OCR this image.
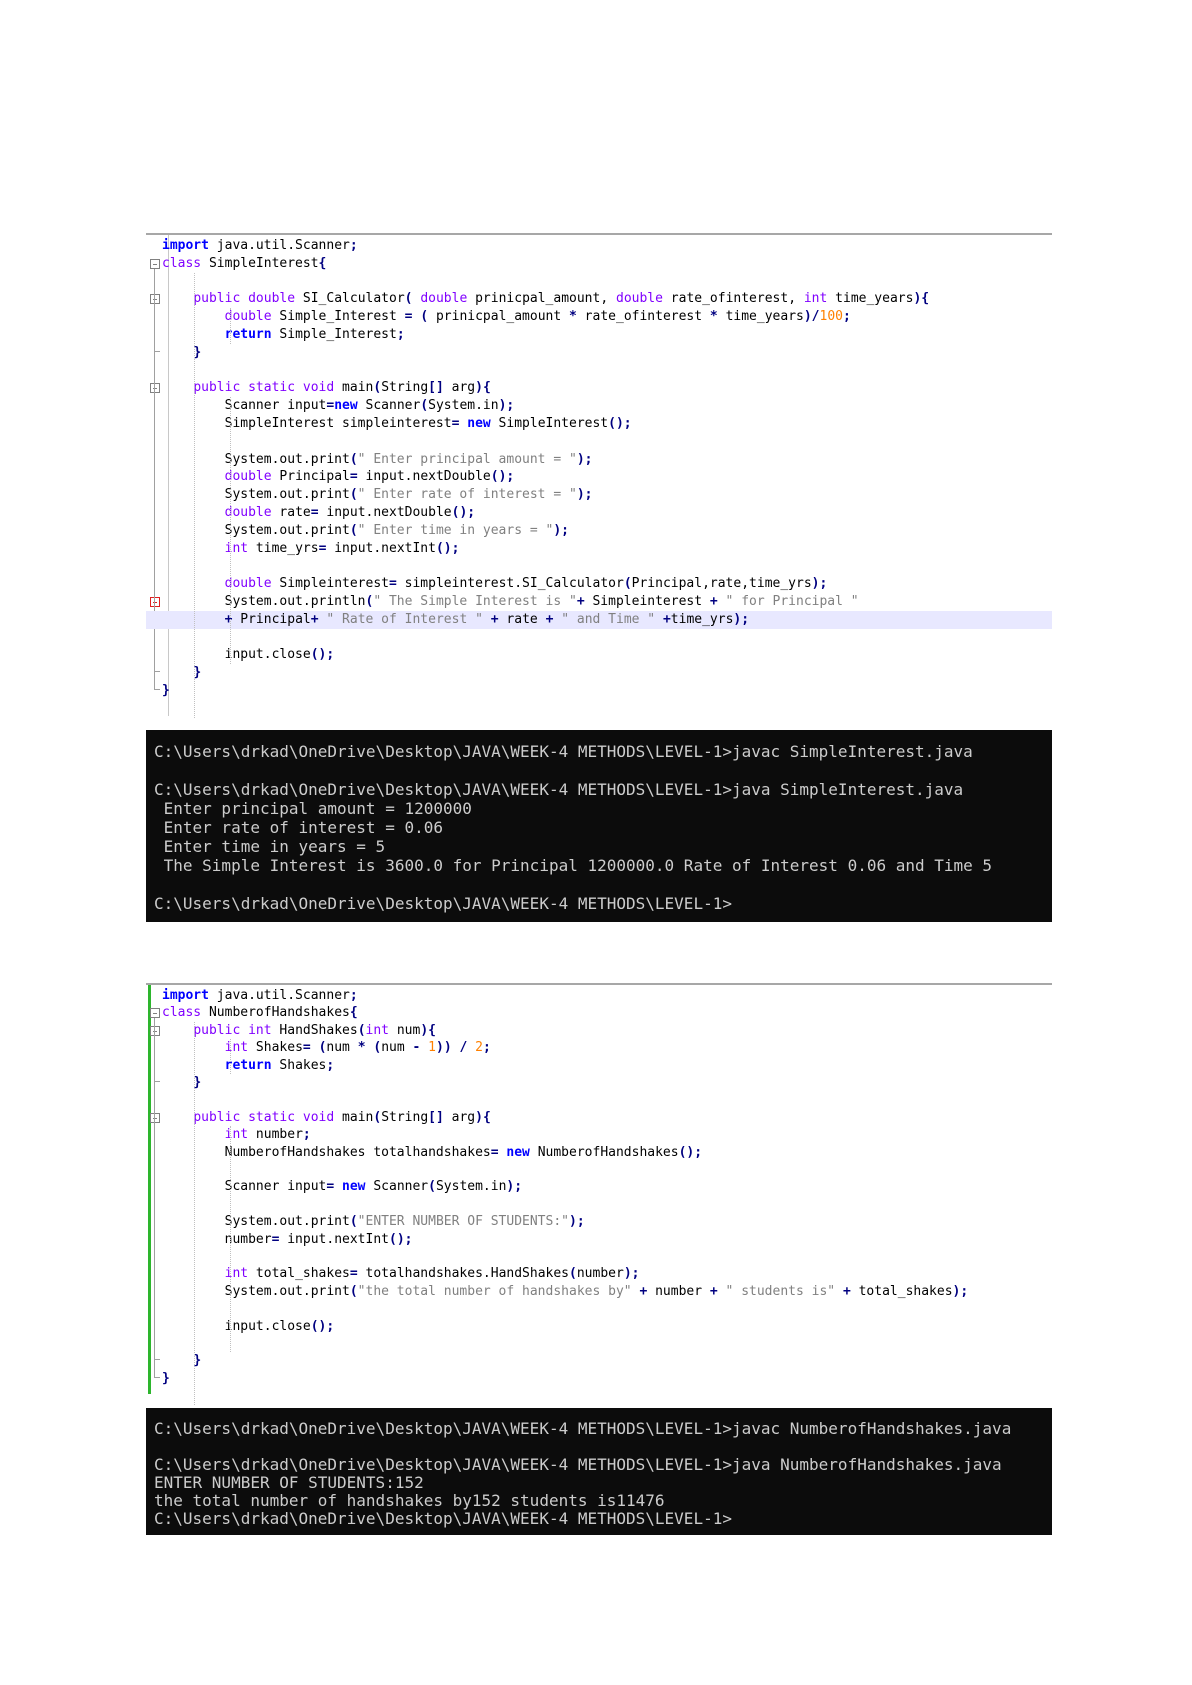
import java.util.Scanner;
class SimpleInterest{
public double SI_Calculator( double prinicpal_amount, double rate_ofinterest, int time_years){
double Simple_Interest = ( prinicpal_amount * rate_ofinterest * time_years)/100;
return Simple_Interest;
}
public static void main(String[] arg){
Scanner input=new Scanner(System.in);
SimpleInterest simpleinterest= new SimpleInterest();
System.out.print(" Enter principal amount = ");
double Principal= input.nextDouble();
System.out.print(" Enter rate of interest = ");
double rate= input.nextDouble();
System.out.print(" Enter time in years = ");
int time_yrs= input.nextInt();
double Simpleinterest= simpleinterest.SI_Calculator(Principal,rate,time_yrs);
System.out.println(" The Simple Interest is "+ Simpleinterest + " for Principal "
+ Principal+ " Rate of Interest " + rate + " and Time " +time_yrs);
input.close();
}
}
C:\Users\drkad\OneDrive\Desktop\JAVA\WEEK-4 METHODS\LEVEL-1>javac SimpleInterest.java
C:\Users\drkad\OneDrive\Desktop\JAVA\WEEK-4 METHODS\LEVEL-1>java SimpleInterest.java
Enter principal amount = 1200000
Enter rate of interest = 0.06
Enter time in years = 5
The Simple Interest is 3600.0 for Principal 1200000.0 Rate of Interest 0.06 and Time 5
C:\Users\drkad\OneDrive\Desktop\JAVA\WEEK-4 METHODS\LEVEL-1>
import java.util.Scanner;
class NumberofHandshakes{
public int HandShakes(int num){
int Shakes= (num * (num - 1)) / 2;
return Shakes;
}
public static void main(String[] arg){
int number;
NumberofHandshakes totalhandshakes= new NumberofHandshakes();
Scanner input= new Scanner(System.in);
System.out.print("ENTER NUMBER OF STUDENTS:");
number= input.nextInt();
int total_shakes= totalhandshakes.HandShakes(number);
System.out.print("the total number of handshakes by" + number + " students is" + total_shakes);
input.close();
}
}
C:\Users\drkad\OneDrive\Desktop\JAVA\WEEK-4 METHODS\LEVEL-1>javac NumberofHandshakes.java
C:\Users\drkad\OneDrive\Desktop\JAVA\WEEK-4 METHODS\LEVEL-1>java NumberofHandshakes.java
ENTER NUMBER OF STUDENTS:152
the total number of handshakes by152 students is11476
C:\Users\drkad\OneDrive\Desktop\JAVA\WEEK-4 METHODS\LEVEL-1>
